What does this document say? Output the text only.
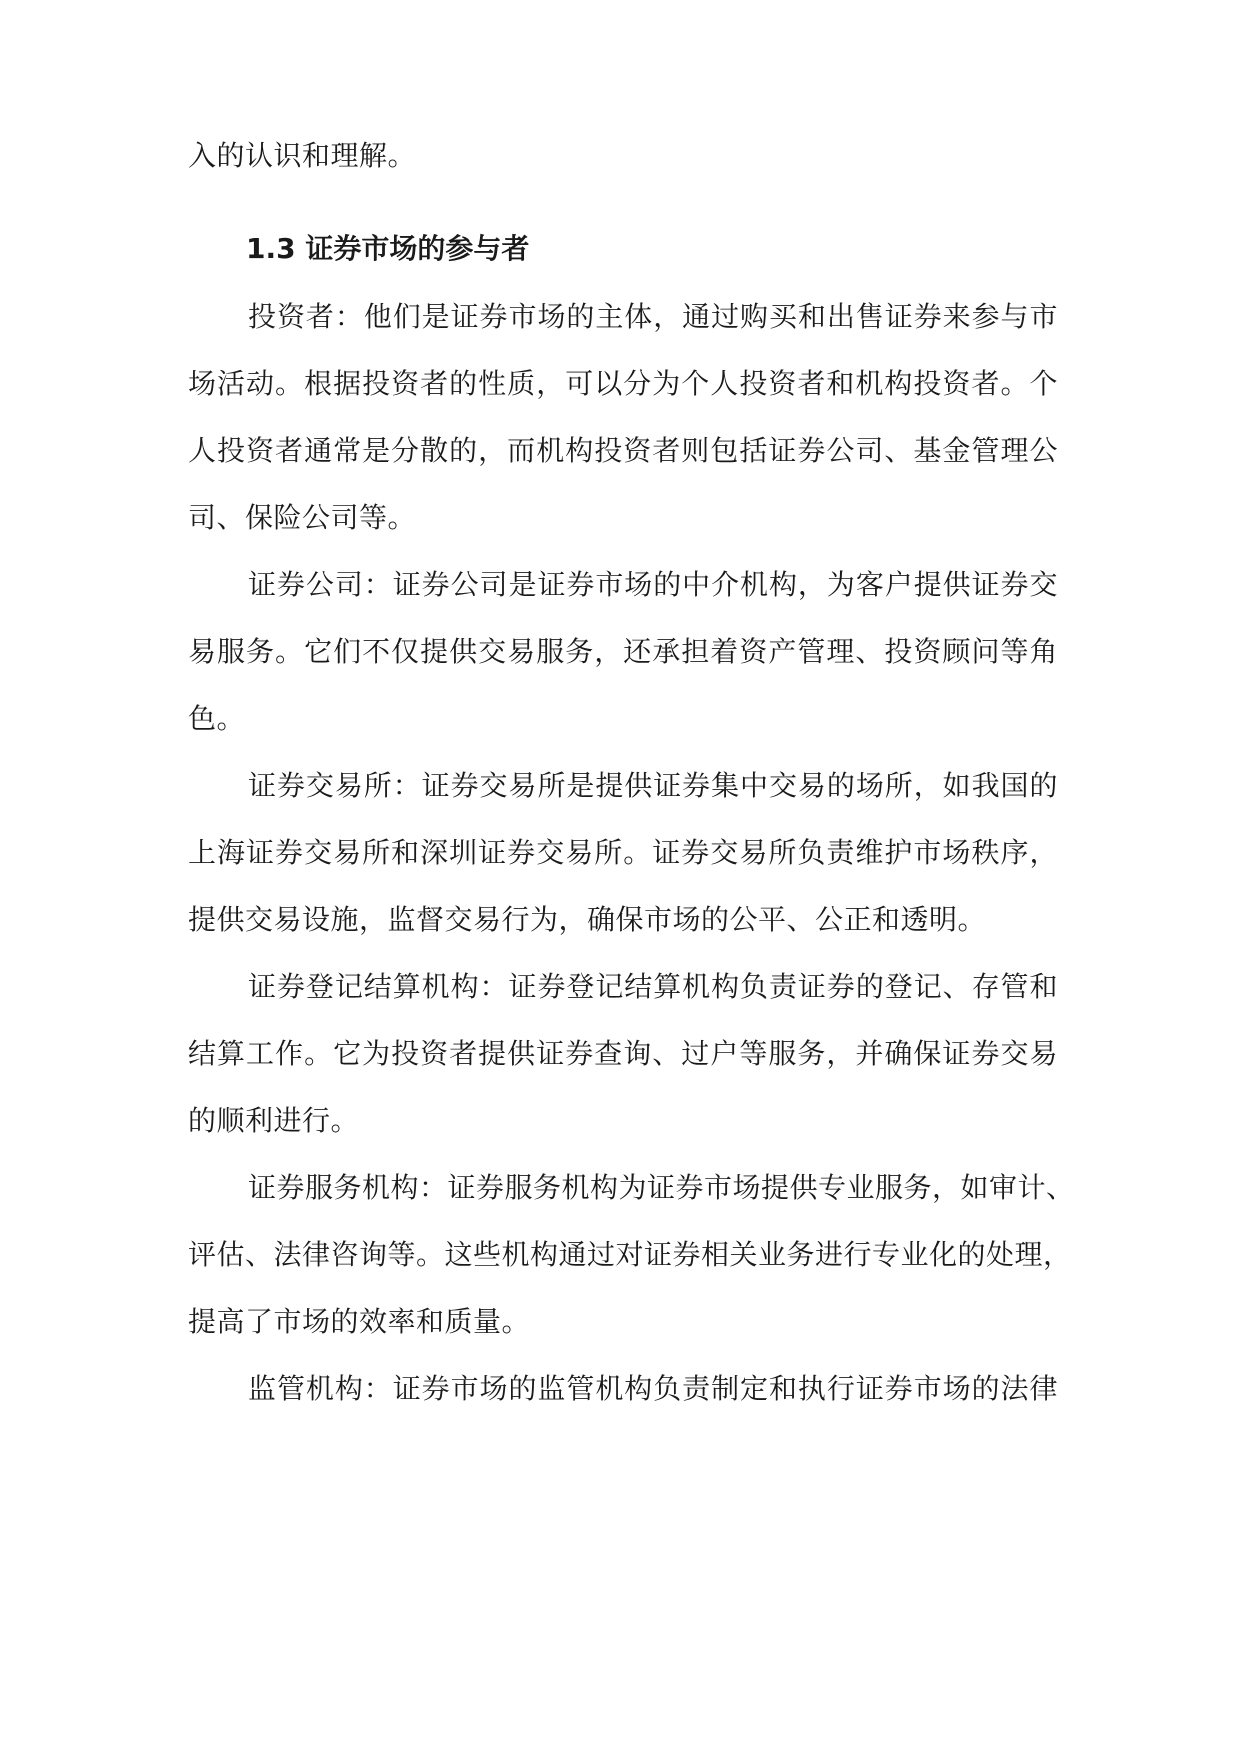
入的认识和理解。
1.3 证券市场的参与者
投资者：他们是证券市场的主体，通过购买和出售证券来参与市
场活动。根据投资者的性质，可以分为个人投资者和机构投资者。个
人投资者通常是分散的，而机构投资者则包括证券公司、基金管理公
司、保险公司等。
证券公司：证券公司是证券市场的中介机构，为客户提供证券交
易服务。它们不仅提供交易服务，还承担着资产管理、投资顾问等角
色。
证券交易所：证券交易所是提供证券集中交易的场所，如我国的
上海证券交易所和深圳证券交易所。证券交易所负责维护市场秩序，
提供交易设施，监督交易行为，确保市场的公平、公正和透明。
证券登记结算机构：证券登记结算机构负责证券的登记、存管和
结算工作。它为投资者提供证券查询、过户等服务，并确保证券交易
的顺利进行。
证券服务机构：证券服务机构为证券市场提供专业服务，如审计、
评估、法律咨询等。这些机构通过对证券相关业务进行专业化的处理，
提高了市场的效率和质量。
监管机构：证券市场的监管机构负责制定和执行证券市场的法律
